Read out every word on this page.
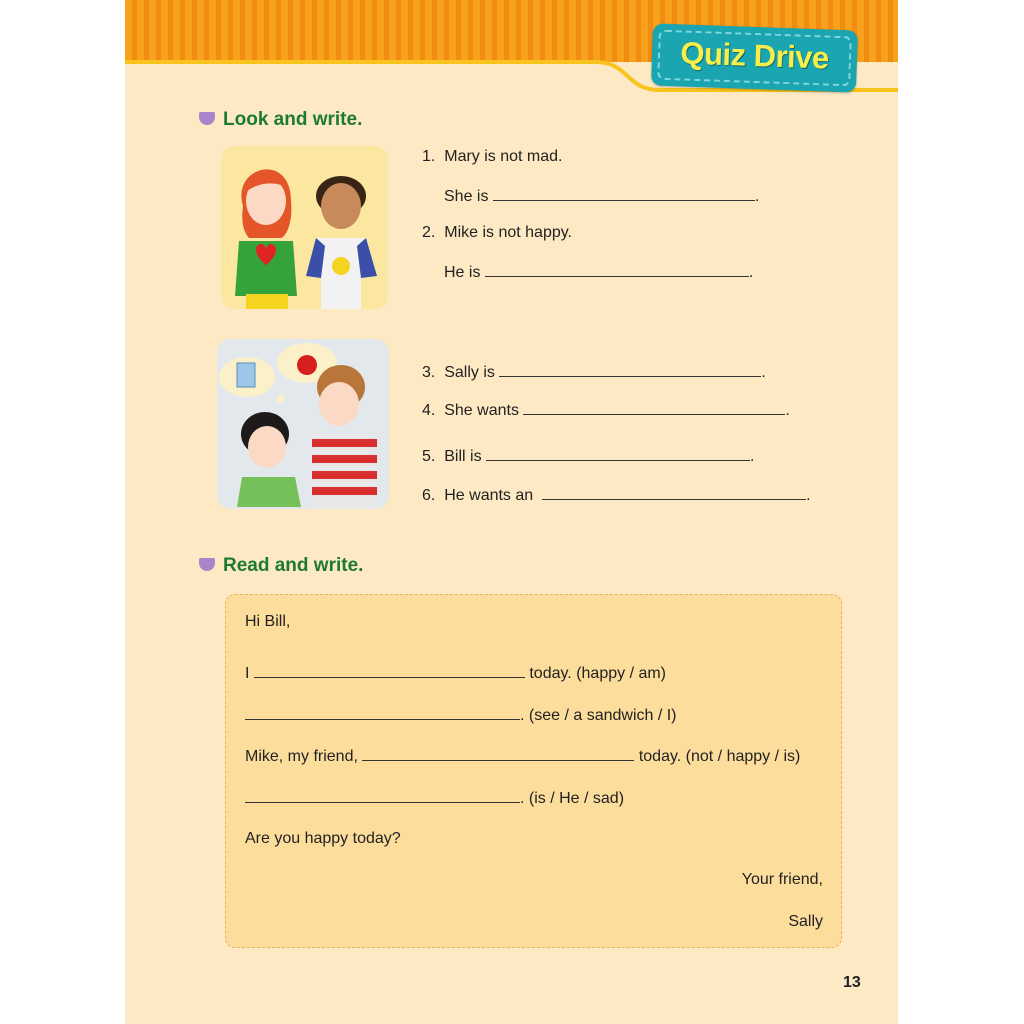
Quiz Drive
Look and write.
1. Mary is not mad.
She is	.
2. Mike is not happy.
He is	.
3. Sally is	.
4. She wants	.
5. Bill is	.
6. He wants an	.
Read and write.
Hi Bill,
I	today. (happy / am)
. (see / a sandwich / I)
Mike, my friend,	today. (not / happy / is)
. (is / He / sad)
Are you happy today?
Your friend,
Sally
13
